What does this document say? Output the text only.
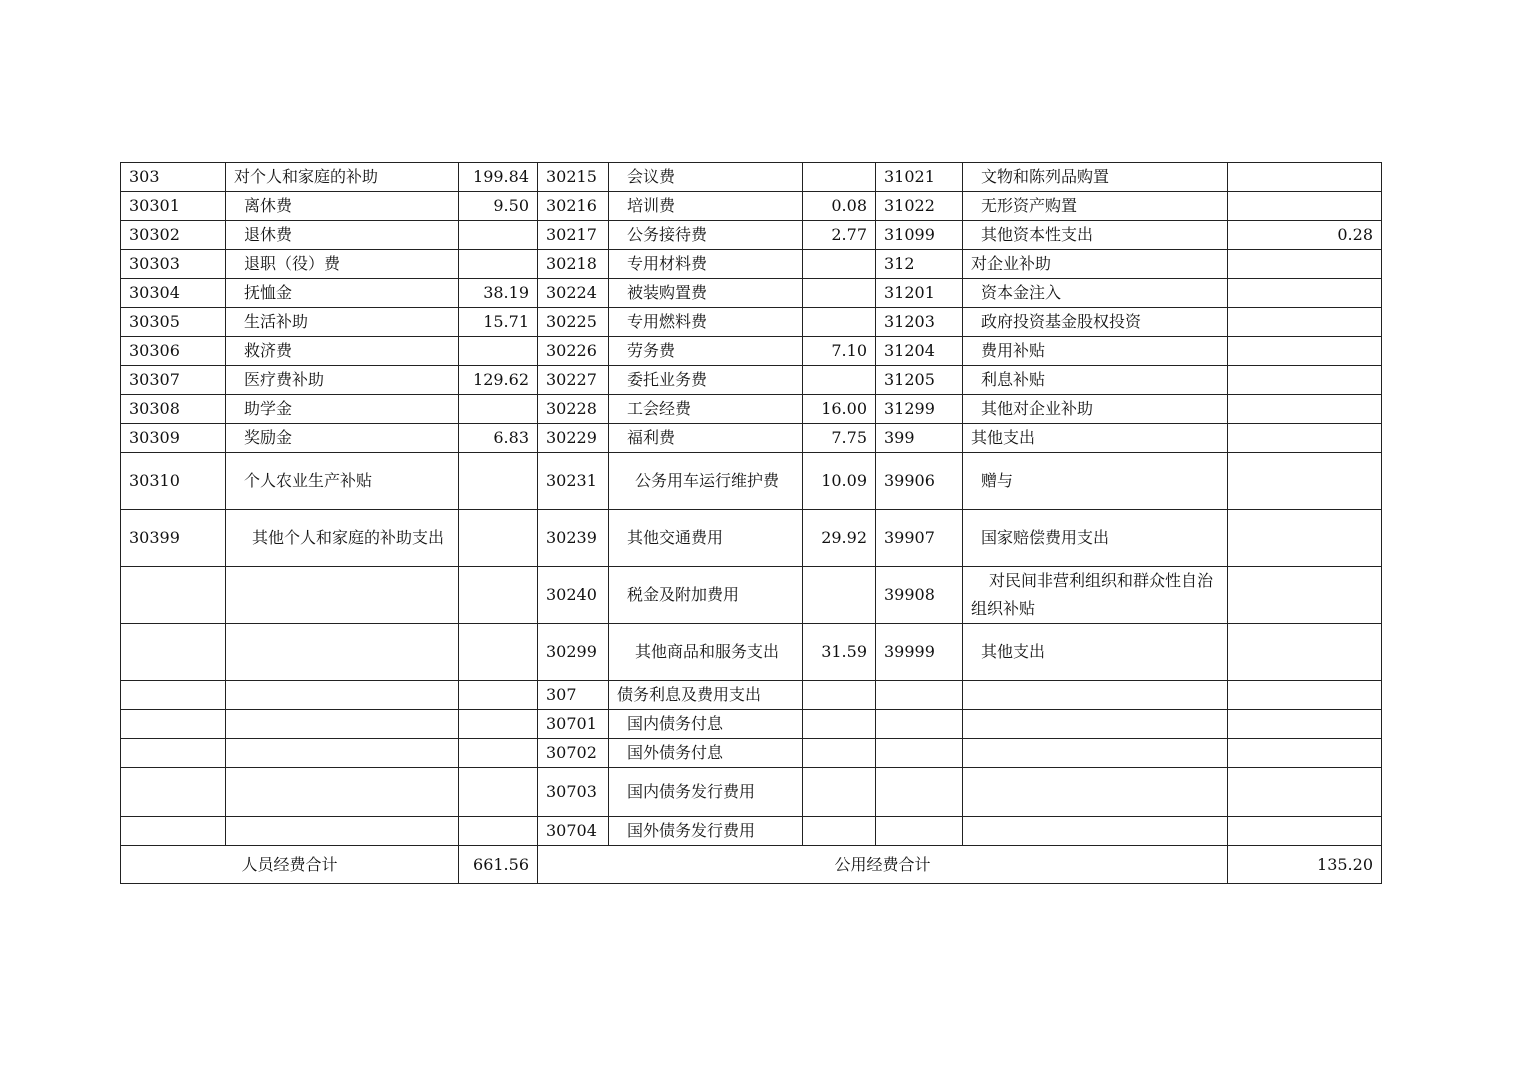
303	对个人和家庭的补助	199.84	30215	会议费		31021	文物和陈列品购置	
30301	离休费	9.50	30216	培训费	0.08	31022	无形资产购置	
30302	退休费		30217	公务接待费	2.77	31099	其他资本性支出	0.28
30303	退职（役）费		30218	专用材料费		312	对企业补助	
30304	抚恤金	38.19	30224	被装购置费		31201	资本金注入	
30305	生活补助	15.71	30225	专用燃料费		31203	政府投资基金股权投资	
30306	救济费		30226	劳务费	7.10	31204	费用补贴	
30307	医疗费补助	129.62	30227	委托业务费		31205	利息补贴	
30308	助学金		30228	工会经费	16.00	31299	其他对企业补助	
30309	奖励金	6.83	30229	福利费	7.75	399	其他支出	
30310	个人农业生产补贴		30231	公务用车运行维护费	10.09	39906	赠与	
30399	其他个人和家庭的补助支出		30239	其他交通费用	29.92	39907	国家赔偿费用支出	
			30240	税金及附加费用		39908	对民间非营利组织和群众性自治组织补贴	
			30299	其他商品和服务支出	31.59	39999	其他支出	
			307	债务利息及费用支出				
			30701	国内债务付息				
			30702	国外债务付息				
			30703	国内债务发行费用				
			30704	国外债务发行费用				
人员经费合计		661.56	公用经费合计					135.20
